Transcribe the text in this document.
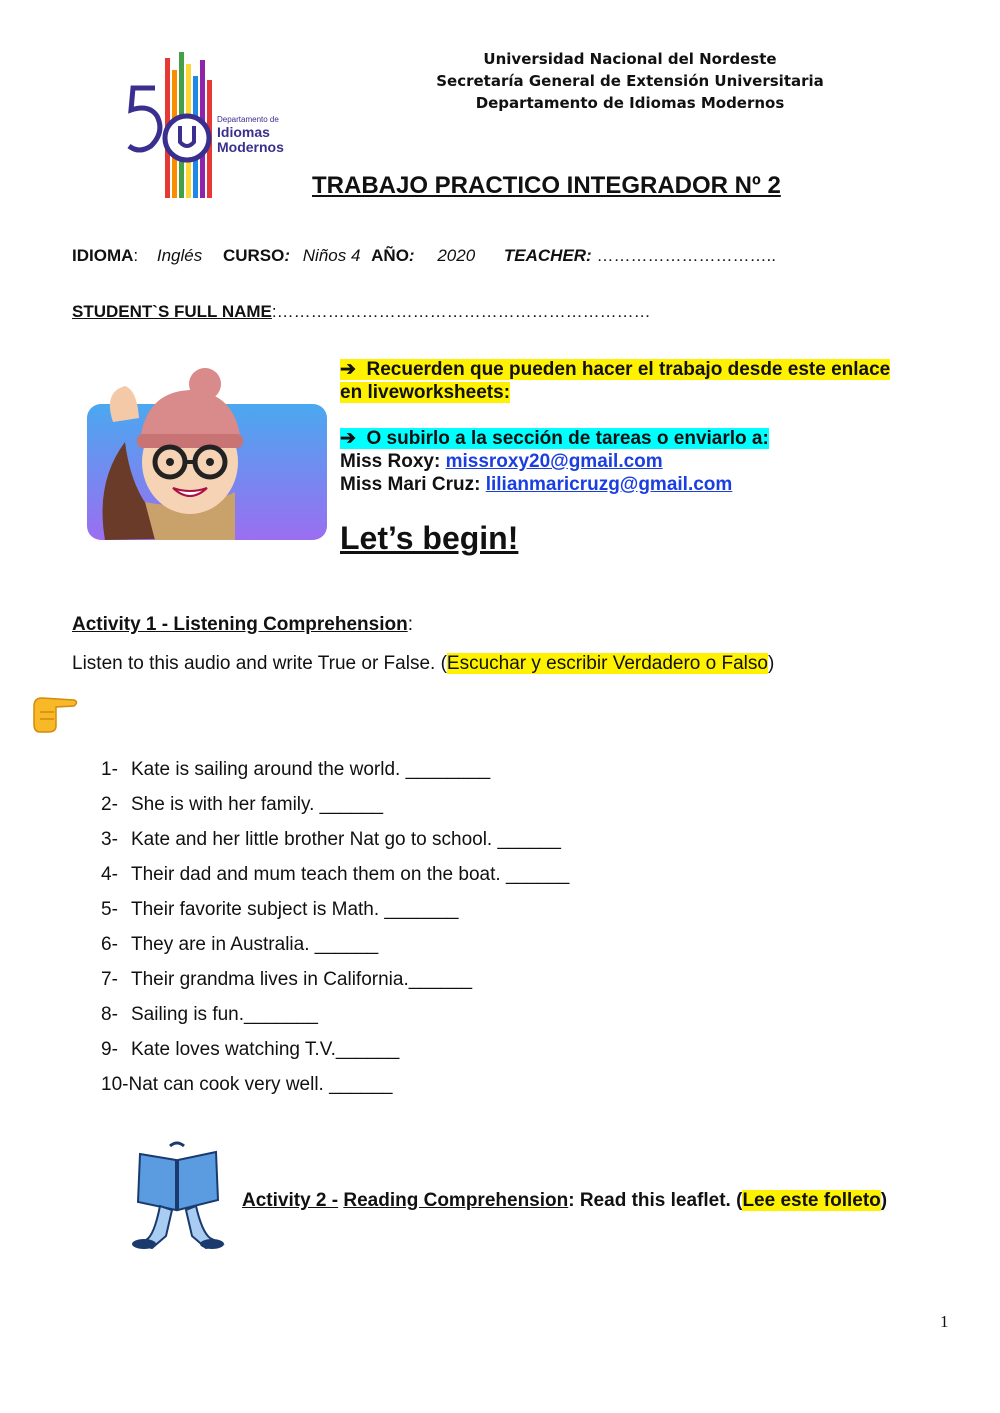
Departamento de
Idiomas
Modernos
Universidad Nacional del Nordeste
Secretaría General de Extensión Universitaria
Departamento de Idiomas Modernos
TRABAJO PRACTICO INTEGRADOR Nº 2
IDIOMA: Inglés CURSO: Niños 4 AÑO: 2020 TEACHER: …………………………..
STUDENT`S FULL NAME:…………………………………………………………
➔ Recuerden que pueden hacer el trabajo desde este enlace
en liveworksheets:
➔ O subirlo a la sección de tareas o enviarlo a:
Miss Roxy: missroxy20@gmail.com
Miss Mari Cruz: lilianmaricruzg@gmail.com
Let’s begin!
Activity 1 - Listening Comprehension:
Listen to this audio and write True or False. (Escuchar y escribir Verdadero o Falso)
1- Kate is sailing around the world. ________
2- She is with her family. ______
3- Kate and her little brother Nat go to school. ______
4- Their dad and mum teach them on the boat. ______
5- Their favorite subject is Math. _______
6- They are in Australia. ______
7- Their grandma lives in California.______
8- Sailing is fun._______
9- Kate loves watching T.V.______
10-Nat can cook very well. ______
Activity 2 - Reading Comprehension: Read this leaflet. (Lee este folleto)
1
